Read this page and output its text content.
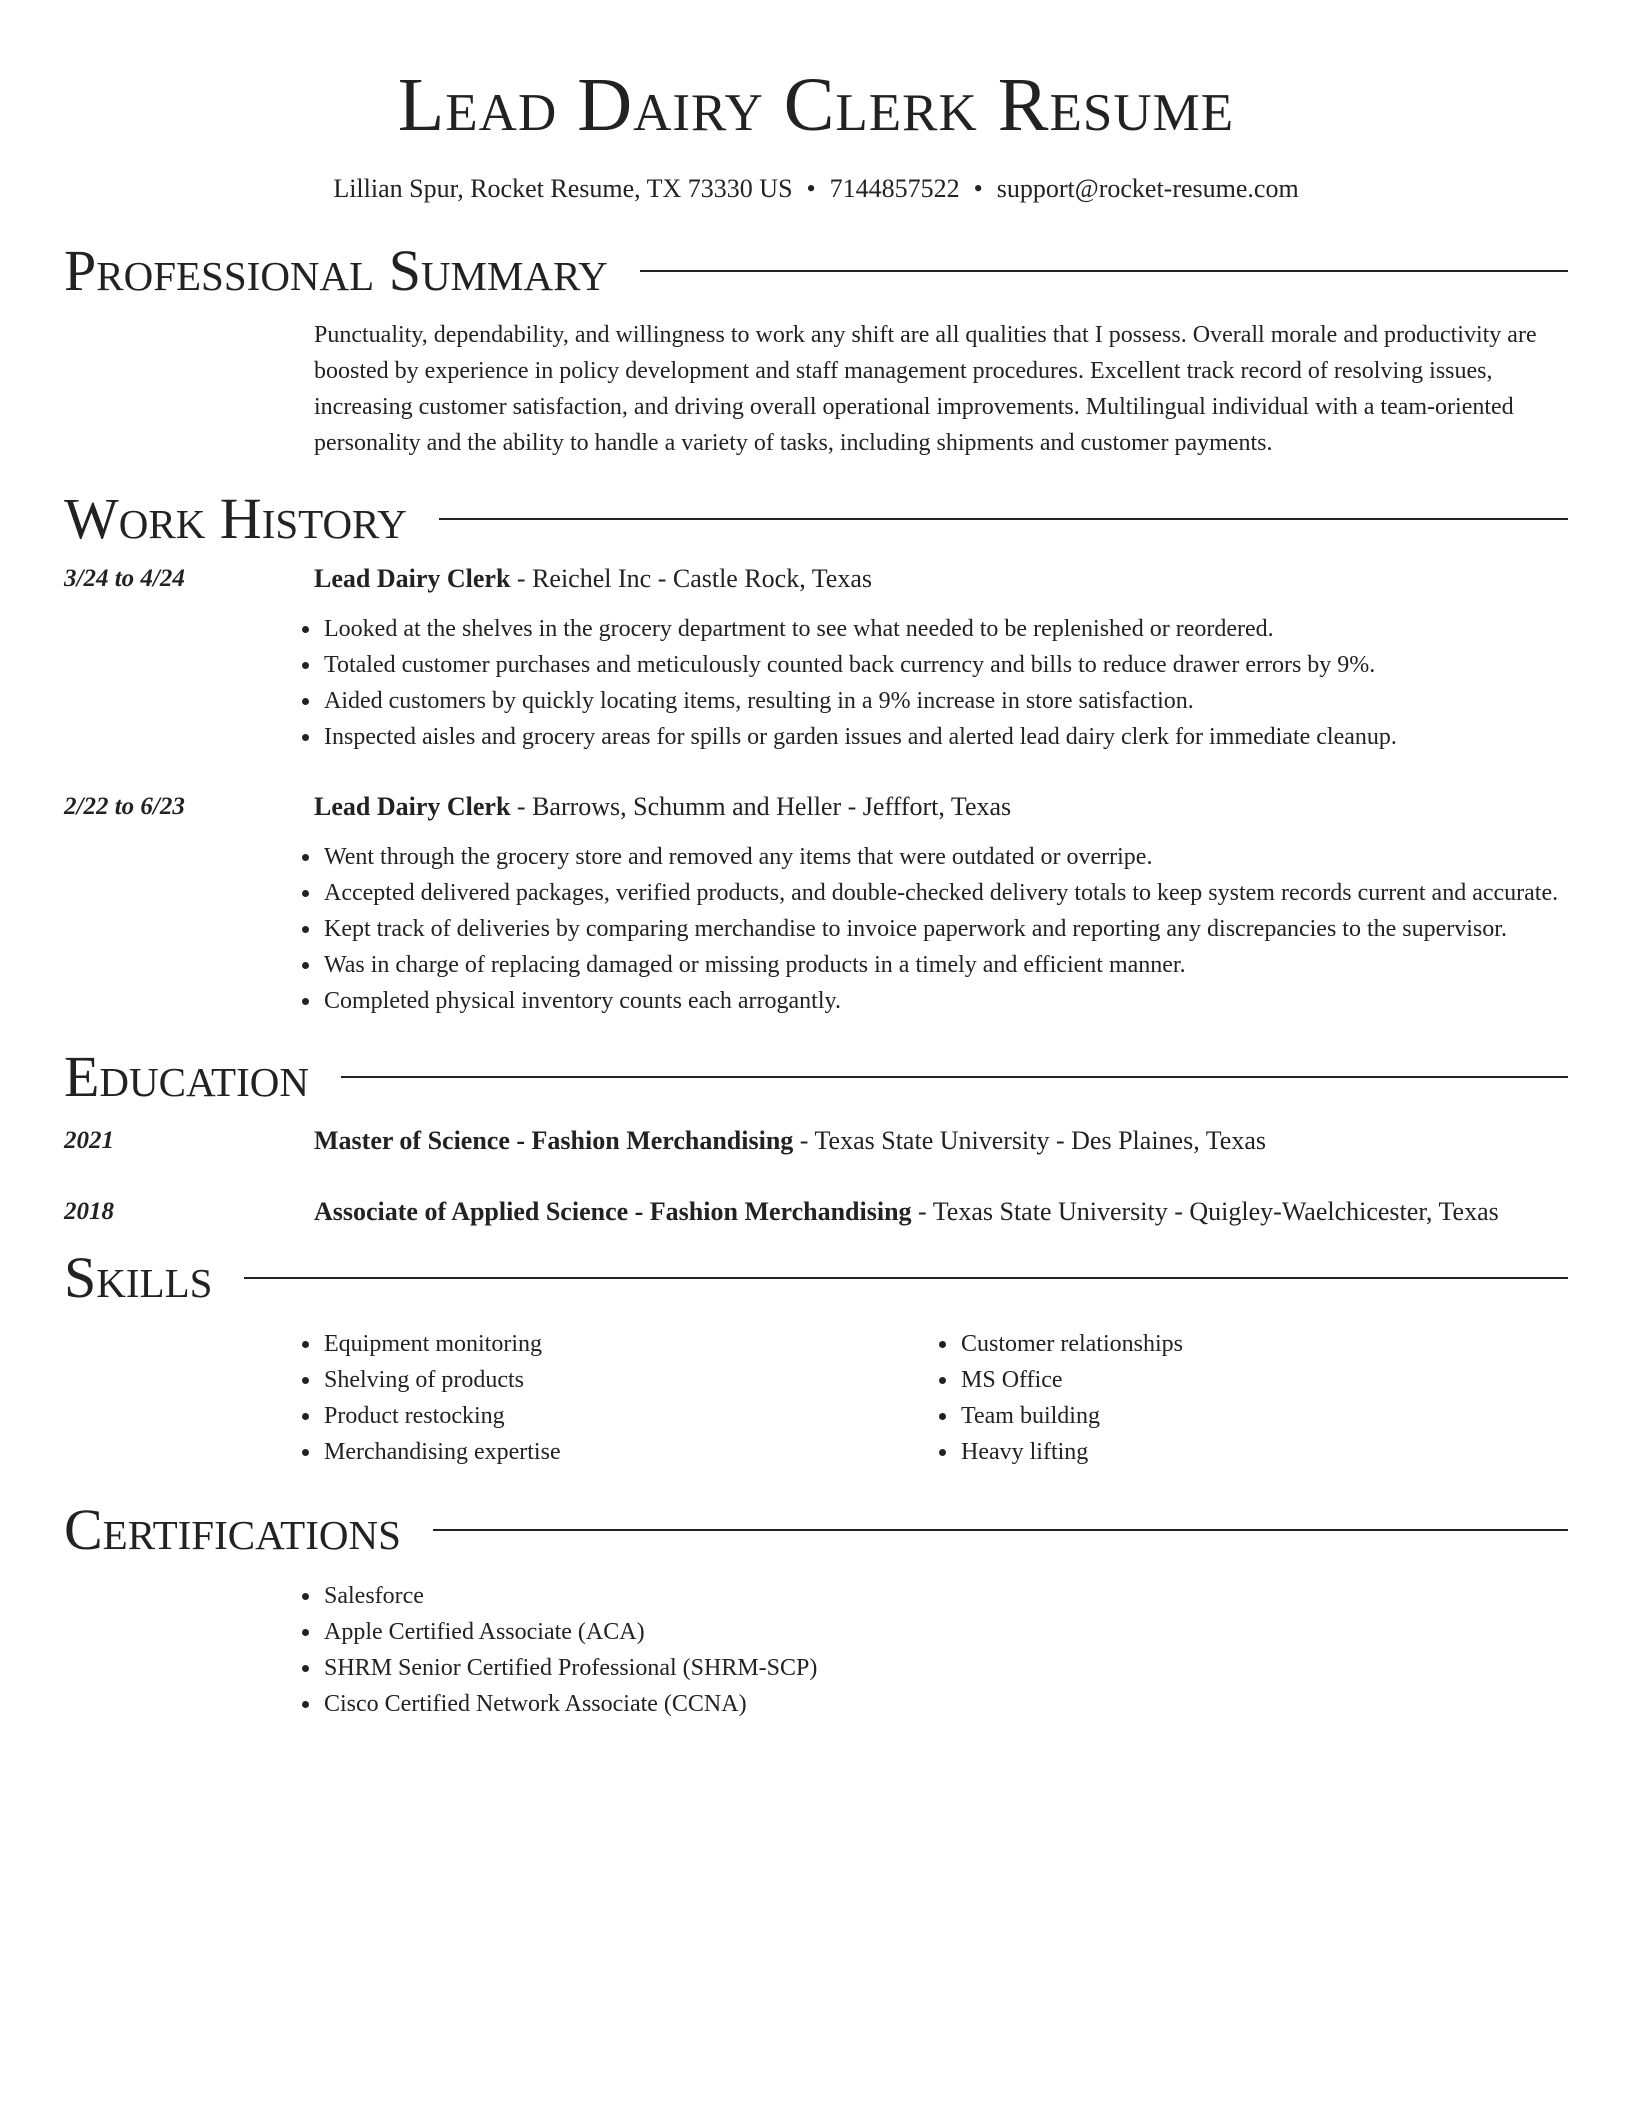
Lead Dairy Clerk Resume
Lillian Spur, Rocket Resume, TX 73330 US • 7144857522 • support@rocket-resume.com
Professional Summary
Punctuality, dependability, and willingness to work any shift are all qualities that I possess. Overall morale and productivity are boosted by experience in policy development and staff management procedures. Excellent track record of resolving issues, increasing customer satisfaction, and driving overall operational improvements. Multilingual individual with a team-oriented personality and the ability to handle a variety of tasks, including shipments and customer payments.
Work History
3/24 to 4/24	Lead Dairy Clerk - Reichel Inc - Castle Rock, Texas
• Looked at the shelves in the grocery department to see what needed to be replenished or reordered.
• Totaled customer purchases and meticulously counted back currency and bills to reduce drawer errors by 9%.
• Aided customers by quickly locating items, resulting in a 9% increase in store satisfaction.
• Inspected aisles and grocery areas for spills or garden issues and alerted lead dairy clerk for immediate cleanup.
2/22 to 6/23	Lead Dairy Clerk - Barrows, Schumm and Heller - Jefffort, Texas
• Went through the grocery store and removed any items that were outdated or overripe.
• Accepted delivered packages, verified products, and double-checked delivery totals to keep system records current and accurate.
• Kept track of deliveries by comparing merchandise to invoice paperwork and reporting any discrepancies to the supervisor.
• Was in charge of replacing damaged or missing products in a timely and efficient manner.
• Completed physical inventory counts each arrogantly.
Education
2021	Master of Science - Fashion Merchandising - Texas State University - Des Plaines, Texas
2018	Associate of Applied Science - Fashion Merchandising - Texas State University - Quigley-Waelchicester, Texas
Skills
• Equipment monitoring
• Shelving of products
• Product restocking
• Merchandising expertise
• Customer relationships
• MS Office
• Team building
• Heavy lifting
Certifications
• Salesforce
• Apple Certified Associate (ACA)
• SHRM Senior Certified Professional (SHRM-SCP)
• Cisco Certified Network Associate (CCNA)
